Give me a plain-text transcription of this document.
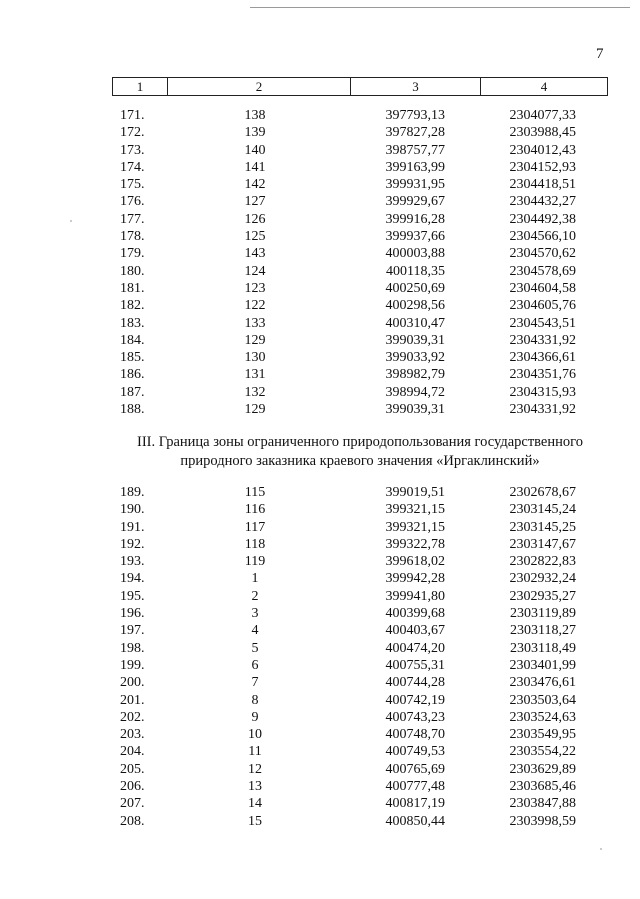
7
1	2	3	4
171.	138	397793,13	2304077,33
172.	139	397827,28	2303988,45
173.	140	398757,77	2304012,43
174.	141	399163,99	2304152,93
175.	142	399931,95	2304418,51
176.	127	399929,67	2304432,27
177.	126	399916,28	2304492,38
178.	125	399937,66	2304566,10
179.	143	400003,88	2304570,62
180.	124	400118,35	2304578,69
181.	123	400250,69	2304604,58
182.	122	400298,56	2304605,76
183.	133	400310,47	2304543,51
184.	129	399039,31	2304331,92
185.	130	399033,92	2304366,61
186.	131	398982,79	2304351,76
187.	132	398994,72	2304315,93
188.	129	399039,31	2304331,92
III. Граница зоны ограниченного природопользования государственного
природного заказника краевого значения «Иргаклинский»
189.	115	399019,51	2302678,67
190.	116	399321,15	2303145,24
191.	117	399321,15	2303145,25
192.	118	399322,78	2303147,67
193.	119	399618,02	2302822,83
194.	1	399942,28	2302932,24
195.	2	399941,80	2302935,27
196.	3	400399,68	2303119,89
197.	4	400403,67	2303118,27
198.	5	400474,20	2303118,49
199.	6	400755,31	2303401,99
200.	7	400744,28	2303476,61
201.	8	400742,19	2303503,64
202.	9	400743,23	2303524,63
203.	10	400748,70	2303549,95
204.	11	400749,53	2303554,22
205.	12	400765,69	2303629,89
206.	13	400777,48	2303685,46
207.	14	400817,19	2303847,88
208.	15	400850,44	2303998,59
